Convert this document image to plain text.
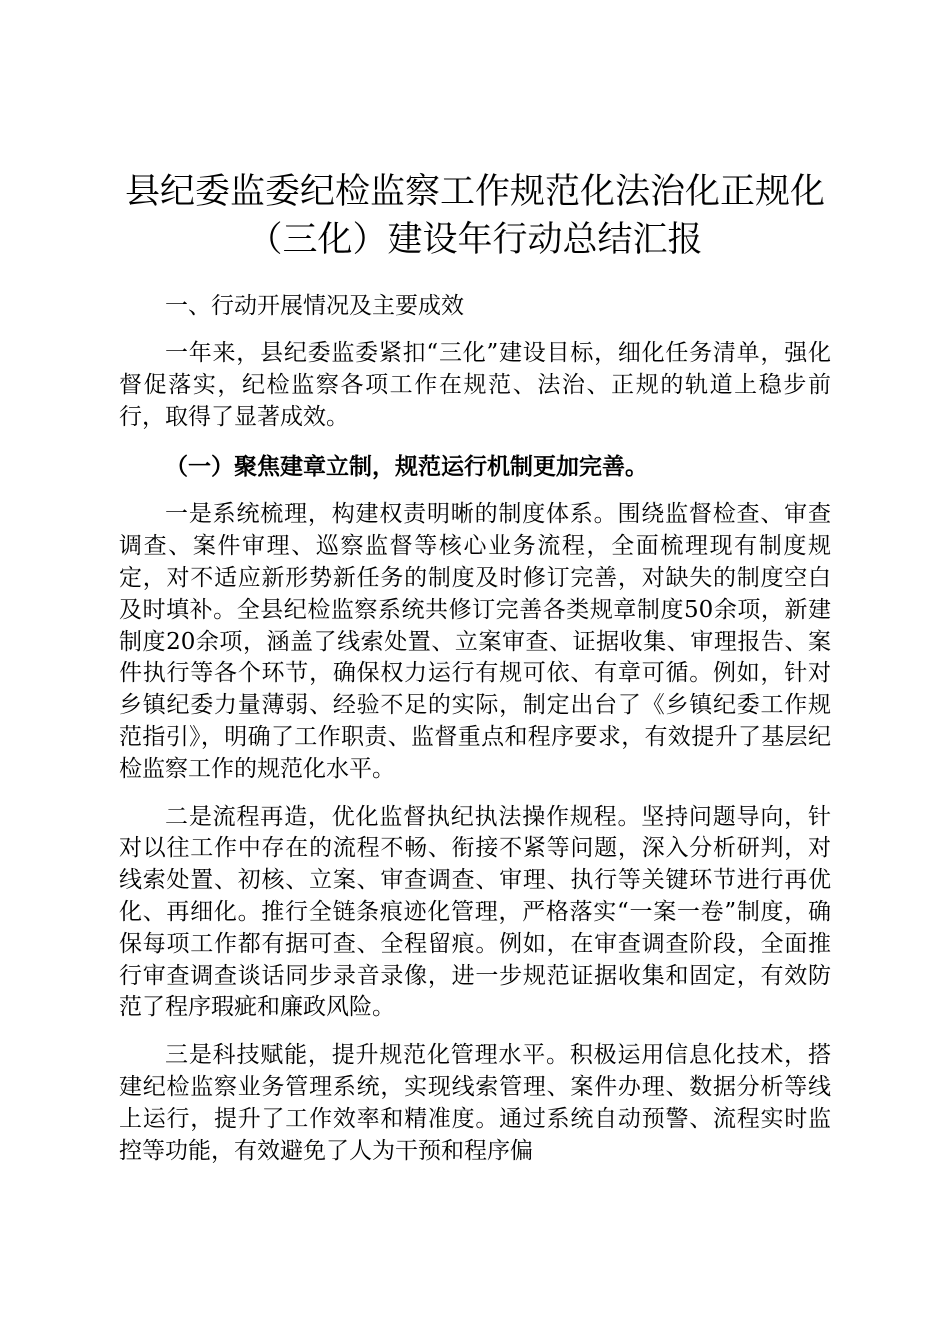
县纪委监委纪检监察工作规范化法治化正规化
（三化）建设年行动总结汇报

一、行动开展情况及主要成效

一年来，县纪委监委紧扣“三化”建设目标，细化任务清单，强化督促落实，纪检监察各项工作在规范、法治、正规的轨道上稳步前行，取得了显著成效。

（一）聚焦建章立制，规范运行机制更加完善。

一是系统梳理，构建权责明晰的制度体系。围绕监督检查、审查调查、案件审理、巡察监督等核心业务流程，全面梳理现有制度规定，对不适应新形势新任务的制度及时修订完善，对缺失的制度空白及时填补。全县纪检监察系统共修订完善各类规章制度50余项，新建制度20余项，涵盖了线索处置、立案审查、证据收集、审理报告、案件执行等各个环节，确保权力运行有规可依、有章可循。例如，针对乡镇纪委力量薄弱、经验不足的实际，制定出台了《乡镇纪委工作规范指引》，明确了工作职责、监督重点和程序要求，有效提升了基层纪检监察工作的规范化水平。

二是流程再造，优化监督执纪执法操作规程。坚持问题导向，针对以往工作中存在的流程不畅、衔接不紧等问题，深入分析研判，对线索处置、初核、立案、审查调查、审理、执行等关键环节进行再优化、再细化。推行全链条痕迹化管理，严格落实“一案一卷”制度，确保每项工作都有据可查、全程留痕。例如，在审查调查阶段，全面推行审查调查谈话同步录音录像，进一步规范证据收集和固定，有效防范了程序瑕疵和廉政风险。

三是科技赋能，提升规范化管理水平。积极运用信息化技术，搭建纪检监察业务管理系统，实现线索管理、案件办理、数据分析等线上运行，提升了工作效率和精准度。通过系统自动预警、流程实时监控等功能，有效避免了人为干预和程序偏
